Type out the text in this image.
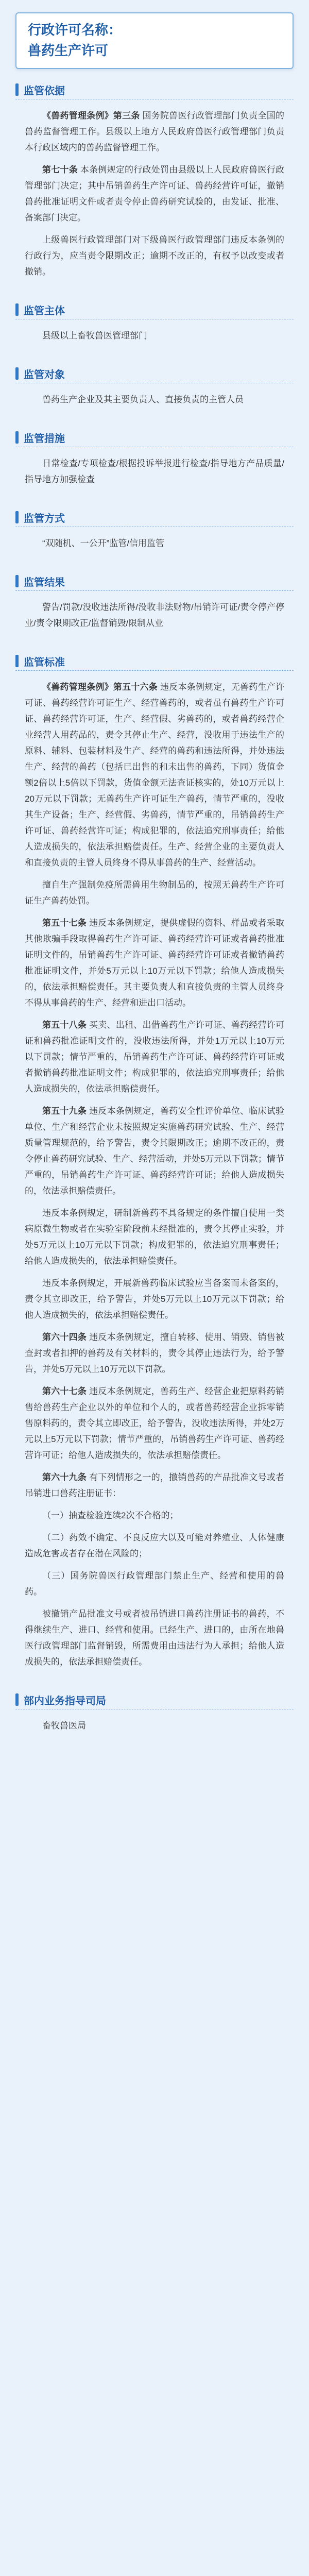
行政许可名称：
兽药生产许可
监管依据

《兽药管理条例》第三条 国务院兽医行政管理部门负责全国的兽药监督管理工作。县级以上地方人民政府兽医行政管理部门负责本行政区域内的兽药监督管理工作。

第七十条 本条例规定的行政处罚由县级以上人民政府兽医行政管理部门决定；其中吊销兽药生产许可证、兽药经营许可证，撤销兽药批准证明文件或者责令停止兽药研究试验的，由发证、批准、备案部门决定。

上级兽医行政管理部门对下级兽医行政管理部门违反本条例的行政行为，应当责令限期改正；逾期不改正的，有权予以改变或者撤销。

监管主体

县级以上畜牧兽医管理部门

监管对象

兽药生产企业及其主要负责人、直接负责的主管人员

监管措施

日常检查/专项检查/根据投诉举报进行检查/指导地方产品质量/指导地方加强检查

监管方式

“双随机、一公开”监管/信用监管

监管结果

警告/罚款/没收违法所得/没收非法财物/吊销许可证/责令停产停业/责令限期改正/监督销毁/限制从业

监管标准

《兽药管理条例》第五十六条 违反本条例规定，无兽药生产许可证、兽药经营许可证生产、经营兽药的，或者虽有兽药生产许可证、兽药经营许可证，生产、经营假、劣兽药的，或者兽药经营企业经营人用药品的，责令其停止生产、经营，没收用于违法生产的原料、辅料、包装材料及生产、经营的兽药和违法所得，并处违法生产、经营的兽药（包括已出售的和未出售的兽药，下同）货值金额2倍以上5倍以下罚款，货值金额无法查证核实的，处10万元以上20万元以下罚款；无兽药生产许可证生产兽药，情节严重的，没收其生产设备；生产、经营假、劣兽药，情节严重的，吊销兽药生产许可证、兽药经营许可证；构成犯罪的，依法追究刑事责任；给他人造成损失的，依法承担赔偿责任。生产、经营企业的主要负责人和直接负责的主管人员终身不得从事兽药的生产、经营活动。

擅自生产强制免疫所需兽用生物制品的，按照无兽药生产许可证生产兽药处罚。

第五十七条 违反本条例规定，提供虚假的资料、样品或者采取其他欺骗手段取得兽药生产许可证、兽药经营许可证或者兽药批准证明文件的，吊销兽药生产许可证、兽药经营许可证或者撤销兽药批准证明文件，并处5万元以上10万元以下罚款；给他人造成损失的，依法承担赔偿责任。其主要负责人和直接负责的主管人员终身不得从事兽药的生产、经营和进出口活动。

第五十八条 买卖、出租、出借兽药生产许可证、兽药经营许可证和兽药批准证明文件的，没收违法所得，并处1万元以上10万元以下罚款；情节严重的，吊销兽药生产许可证、兽药经营许可证或者撤销兽药批准证明文件；构成犯罪的，依法追究刑事责任；给他人造成损失的，依法承担赔偿责任。

第五十九条 违反本条例规定，兽药安全性评价单位、临床试验单位、生产和经营企业未按照规定实施兽药研究试验、生产、经营质量管理规范的，给予警告，责令其限期改正；逾期不改正的，责令停止兽药研究试验、生产、经营活动，并处5万元以下罚款；情节严重的，吊销兽药生产许可证、兽药经营许可证；给他人造成损失的，依法承担赔偿责任。

违反本条例规定，研制新兽药不具备规定的条件擅自使用一类病原微生物或者在实验室阶段前未经批准的，责令其停止实验，并处5万元以上10万元以下罚款；构成犯罪的，依法追究刑事责任；给他人造成损失的，依法承担赔偿责任。

违反本条例规定，开展新兽药临床试验应当备案而未备案的，责令其立即改正，给予警告，并处5万元以上10万元以下罚款；给他人造成损失的，依法承担赔偿责任。

第六十四条 违反本条例规定，擅自转移、使用、销毁、销售被查封或者扣押的兽药及有关材料的，责令其停止违法行为，给予警告，并处5万元以上10万元以下罚款。

第六十七条 违反本条例规定，兽药生产、经营企业把原料药销售给兽药生产企业以外的单位和个人的，或者兽药经营企业拆零销售原料药的，责令其立即改正，给予警告，没收违法所得，并处2万元以上5万元以下罚款；情节严重的，吊销兽药生产许可证、兽药经营许可证；给他人造成损失的，依法承担赔偿责任。

第六十九条 有下列情形之一的，撤销兽药的产品批准文号或者吊销进口兽药注册证书：

（一）抽查检验连续2次不合格的；

（二）药效不确定、不良反应大以及可能对养殖业、人体健康造成危害或者存在潜在风险的；

（三）国务院兽医行政管理部门禁止生产、经营和使用的兽药。

被撤销产品批准文号或者被吊销进口兽药注册证书的兽药，不得继续生产、进口、经营和使用。已经生产、进口的，由所在地兽医行政管理部门监督销毁，所需费用由违法行为人承担；给他人造成损失的，依法承担赔偿责任。

部内业务指导司局

畜牧兽医局
